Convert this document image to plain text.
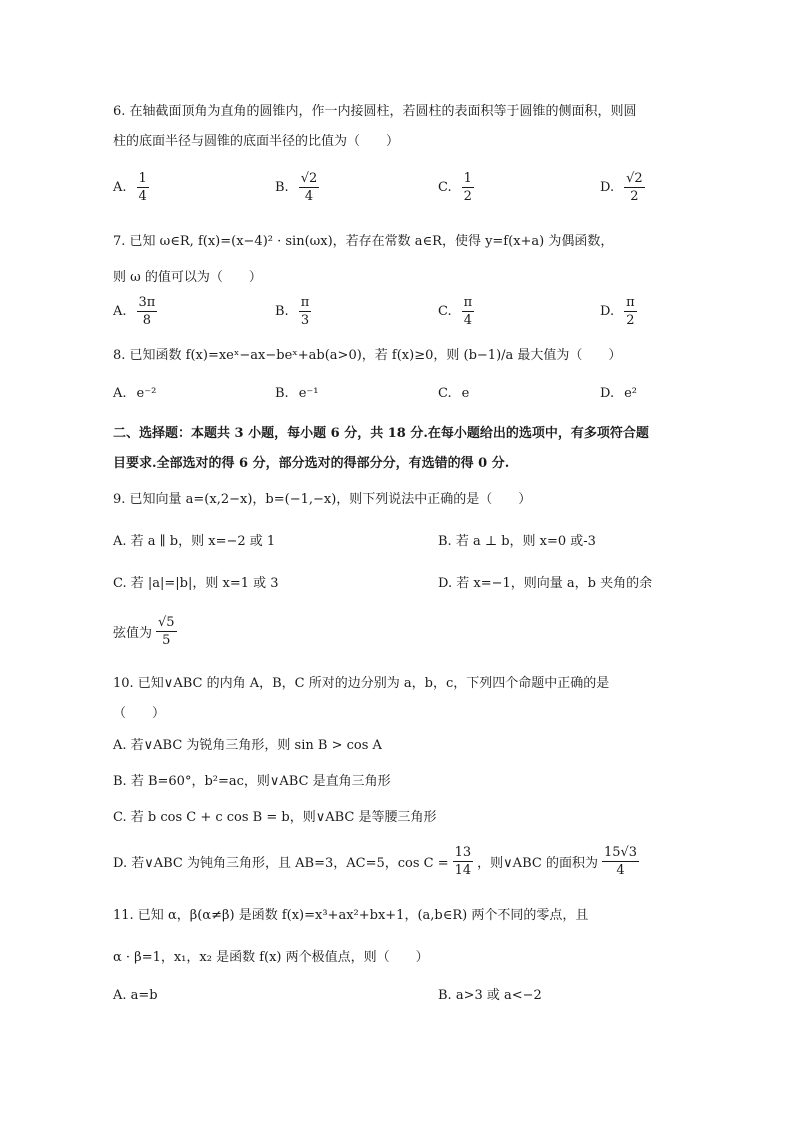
6. 在轴截面顶角为直角的圆锥内，作一内接圆柱，若圆柱的表面积等于圆锥的侧面积，则圆
柱的底面半径与圆锥的底面半径的比值为（　　）
A. $\frac{1}{4}$	B. $\frac{√2}{4}$	C. $\frac{1}{2}$	D. $\frac{√2}{2}$
7. 已知 ω∈R, f(x)=(x−4)² · sin(ωx)，若存在常数 a∈R，使得 y=f(x+a) 为偶函数，
则 ω 的值可以为（　　）
A. $\frac{3\pi}{8}$	B. $\frac{\pi}{3}$	C. $\frac{\pi}{4}$	D. $\frac{\pi}{2}$
8. 已知函数 f(x)=xeˣ−ax−beˣ+ab(a>0)，若 f(x)≥0，则 (b−1)/a 最大值为（　　）
A. e⁻²	B. e⁻¹	C. e	D. e²
二、选择题：本题共 3 小题，每小题 6 分，共 18 分.在每小题给出的选项中，有多项符合题
目要求.全部选对的得 6 分，部分选对的得部分分，有选错的得 0 分.
9. 已知向量 a=(x,2−x)，b=(−1,−x)，则下列说法中正确的是（　　）
A. 若 a ∥ b，则 x=−2 或 1	B. 若 a ⊥ b，则 x=0 或-3
C. 若 |a|=|b|，则 x=1 或 3	D. 若 x=−1，则向量 a，b 夹角的余
弦值为 $\frac{√5}{5}$
10. 已知∨ABC 的内角 A，B，C 所对的边分别为 a，b，c，下列四个命题中正确的是
（　　）
A. 若∨ABC 为锐角三角形，则 sin B > cos A
B. 若 B=60°，b²=ac，则∨ABC 是直角三角形
C. 若 b cos C + c cos B = b，则∨ABC 是等腰三角形
D. 若∨ABC 为钝角三角形，且 AB=3，AC=5，$\cos C = \frac{13}{14}$ ，则∨ABC 的面积为 $\frac{15√3}{4}$
11. 已知 α，β(α≠β) 是函数 f(x)=x³+ax²+bx+1，(a,b∈R) 两个不同的零点，且
α · β=1，x₁，x₂ 是函数 f(x) 两个极值点，则（　　）
A. a=b	B. a>3 或 a<−2
